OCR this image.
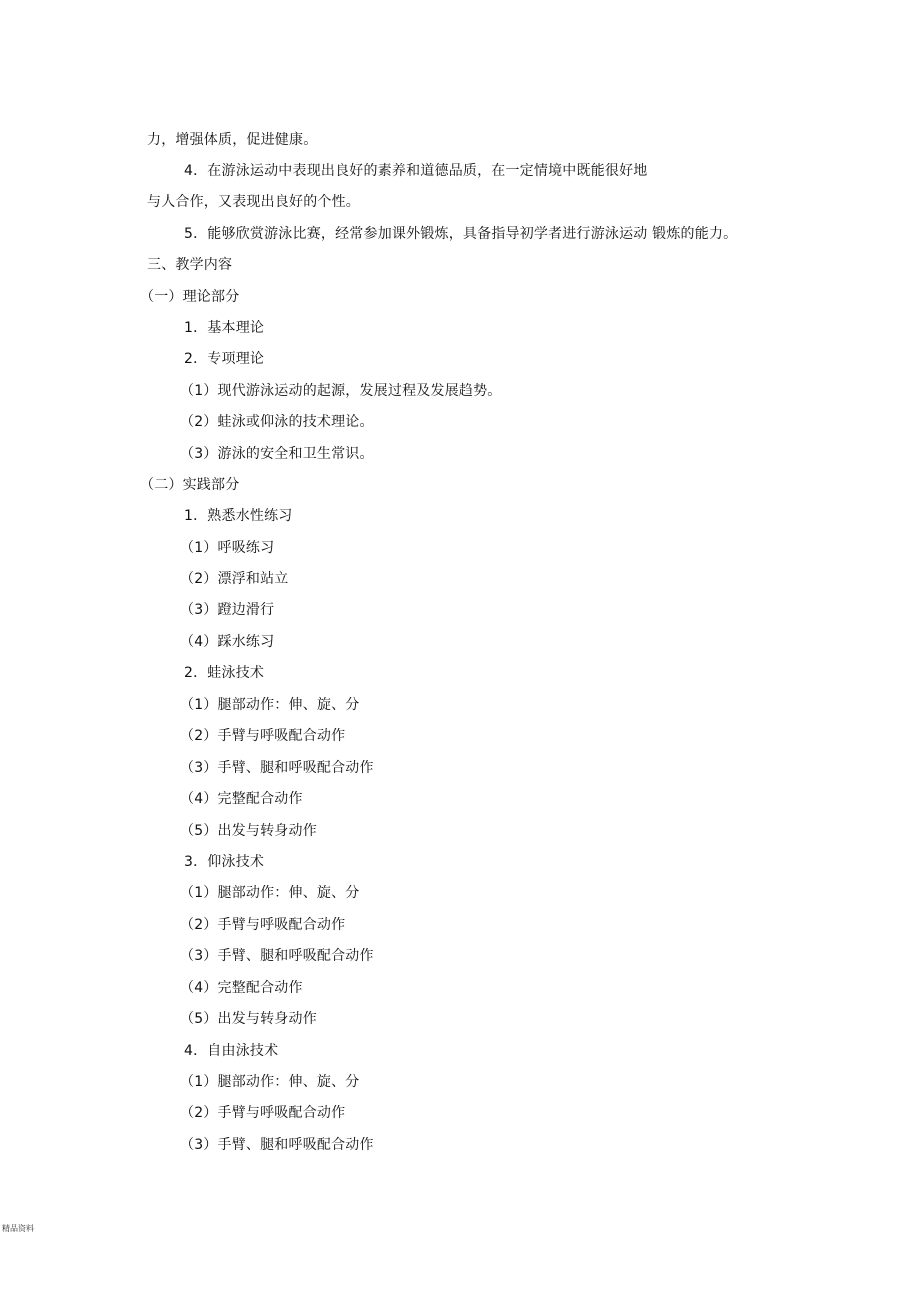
力，增强体质，促进健康。
4．在游泳运动中表现出良好的素养和道德品质，在一定情境中既能很好地
与人合作，又表现出良好的个性。
5．能够欣赏游泳比赛，经常参加课外锻炼，具备指导初学者进行游泳运动 锻炼的能力。
三、教学内容
（一）理论部分
1．基本理论
2．专项理论
（1）现代游泳运动的起源，发展过程及发展趋势。
（2）蛙泳或仰泳的技术理论。
（3）游泳的安全和卫生常识。
（二）实践部分
1．熟悉水性练习
（1）呼吸练习
（2）漂浮和站立
（3）蹬边滑行
（4）踩水练习
2．蛙泳技术
（1）腿部动作：伸、旋、分
（2）手臂与呼吸配合动作
（3）手臂、腿和呼吸配合动作
（4）完整配合动作
（5）出发与转身动作
3．仰泳技术
（1）腿部动作：伸、旋、分
（2）手臂与呼吸配合动作
（3）手臂、腿和呼吸配合动作
（4）完整配合动作
（5）出发与转身动作
4．自由泳技术
（1）腿部动作：伸、旋、分
（2）手臂与呼吸配合动作
（3）手臂、腿和呼吸配合动作
精品资料
